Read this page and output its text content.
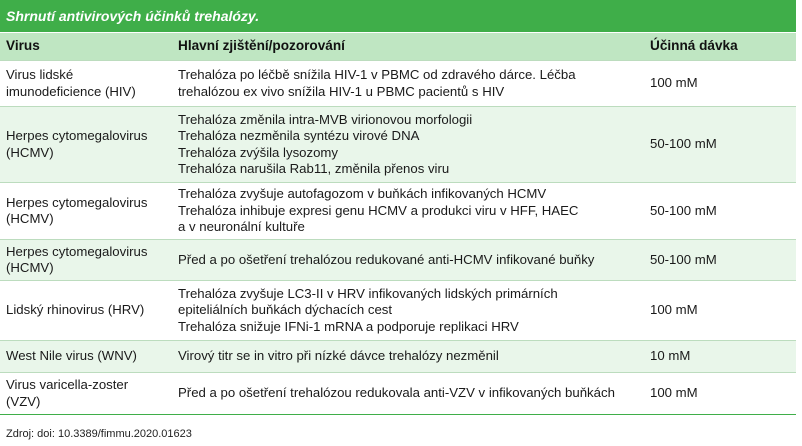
Shrnutí antivirových účinků trehalózy.
Virus	Hlavní zjištění/pozorování	Účinná dávka

Virus lidské
imunodeficience (HIV)	Trehalóza po léčbě snížila HIV-1 v PBMC od zdravého dárce. Léčba
trehalózou ex vivo snížila HIV-1 u PBMC pacientů s HIV	100 mM

Herpes cytomegalovirus
(HCMV)	Trehalóza změnila intra-MVB virionovou morfologii
Trehalóza nezměnila syntézu virové DNA
Trehalóza zvýšila lysozomy
Trehalóza narušila Rab11, změnila přenos viru	50-100 mM

Herpes cytomegalovirus
(HCMV)	Trehalóza zvyšuje autofagozom v buňkách infikovaných HCMV
Trehalóza inhibuje expresi genu HCMV a produkci viru v HFF, HAEC
a v neuronální kultuře	50-100 mM

Herpes cytomegalovirus
(HCMV)	Před a po ošetření trehalózou redukované anti-HCMV infikované buňky	50-100 mM

Lidský rhinovirus (HRV)	Trehalóza zvyšuje LC3-II v HRV infikovaných lidských primárních
epiteliálních buňkách dýchacích cest
Trehalóza snižuje IFNi-1 mRNA a podporuje replikaci HRV	100 mM

West Nile virus (WNV)	Virový titr se in vitro při nízké dávce trehalózy nezměnil	10 mM

Virus varicella-zoster
(VZV)	Před a po ošetření trehalózou redukovala anti-VZV v infikovaných buňkách	100 mM
Zdroj: doi: 10.3389/fimmu.2020.01623
